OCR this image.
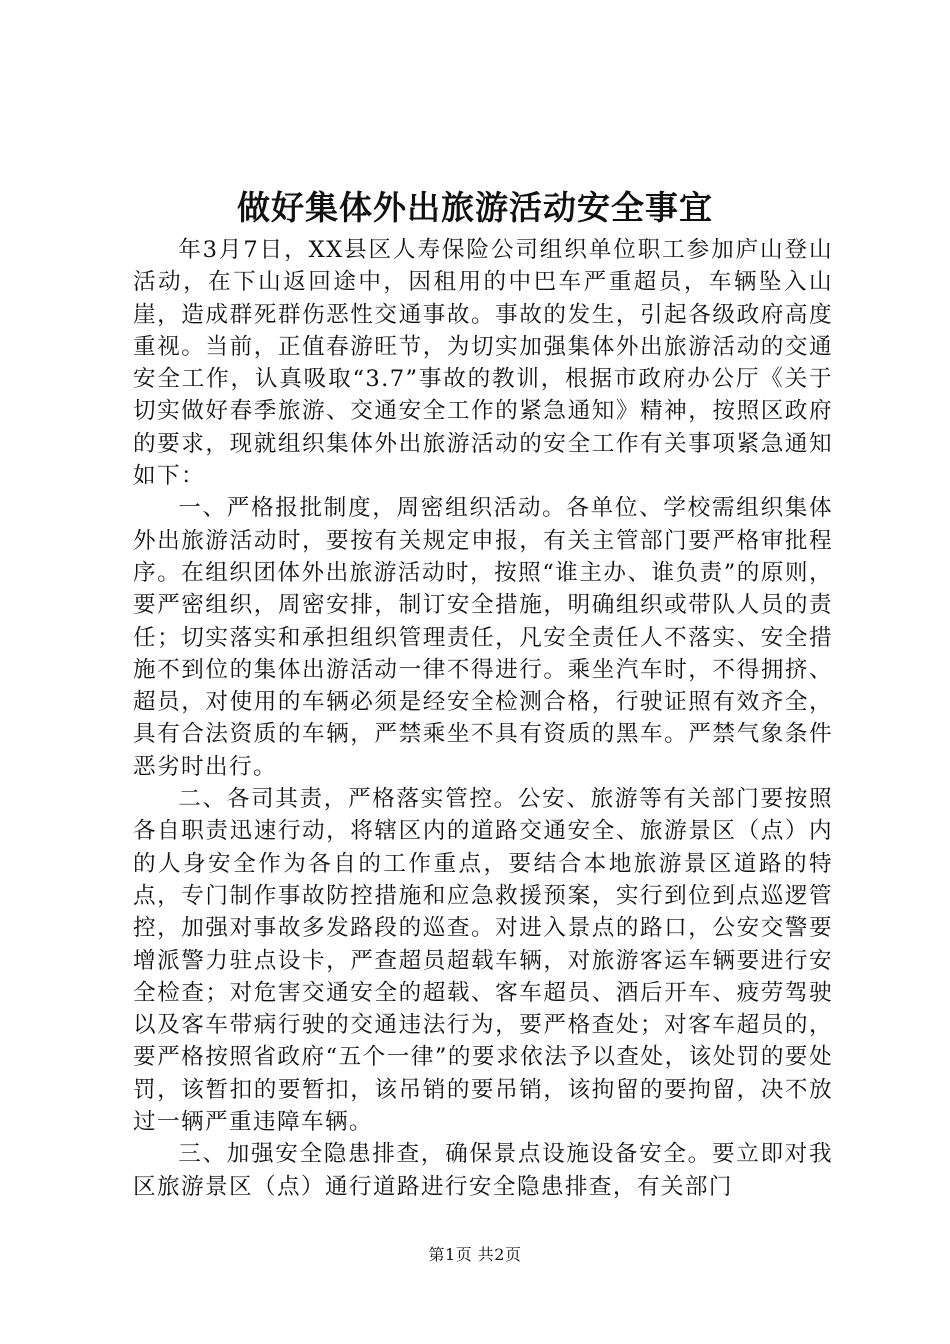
做好集体外出旅游活动安全事宜

年3月7日，XX县区人寿保险公司组织单位职工参加庐山登山活动，在下山返回途中，因租用的中巴车严重超员，车辆坠入山崖，造成群死群伤恶性交通事故。事故的发生，引起各级政府高度重视。当前，正值春游旺节，为切实加强集体外出旅游活动的交通安全工作，认真吸取“3.7”事故的教训，根据市政府办公厅《关于切实做好春季旅游、交通安全工作的紧急通知》精神，按照区政府的要求，现就组织集体外出旅游活动的安全工作有关事项紧急通知如下：

一、严格报批制度，周密组织活动。各单位、学校需组织集体外出旅游活动时，要按有关规定申报，有关主管部门要严格审批程序。在组织团体外出旅游活动时，按照“谁主办、谁负责”的原则，要严密组织，周密安排，制订安全措施，明确组织或带队人员的责任；切实落实和承担组织管理责任，凡安全责任人不落实、安全措施不到位的集体出游活动一律不得进行。乘坐汽车时，不得拥挤、超员，对使用的车辆必须是经安全检测合格，行驶证照有效齐全，具有合法资质的车辆，严禁乘坐不具有资质的黑车。严禁气象条件恶劣时出行。

二、各司其责，严格落实管控。公安、旅游等有关部门要按照各自职责迅速行动，将辖区内的道路交通安全、旅游景区（点）内的人身安全作为各自的工作重点，要结合本地旅游景区道路的特点，专门制作事故防控措施和应急救援预案，实行到位到点巡逻管控，加强对事故多发路段的巡查。对进入景点的路口，公安交警要增派警力驻点设卡，严查超员超载车辆，对旅游客运车辆要进行安全检查；对危害交通安全的超载、客车超员、酒后开车、疲劳驾驶以及客车带病行驶的交通违法行为，要严格查处；对客车超员的，要严格按照省政府“五个一律”的要求依法予以查处，该处罚的要处罚，该暂扣的要暂扣，该吊销的要吊销，该拘留的要拘留，决不放过一辆严重违障车辆。

三、加强安全隐患排查，确保景点设施设备安全。要立即对我区旅游景区（点）通行道路进行安全隐患排查，有关部门

第1页 共2页
